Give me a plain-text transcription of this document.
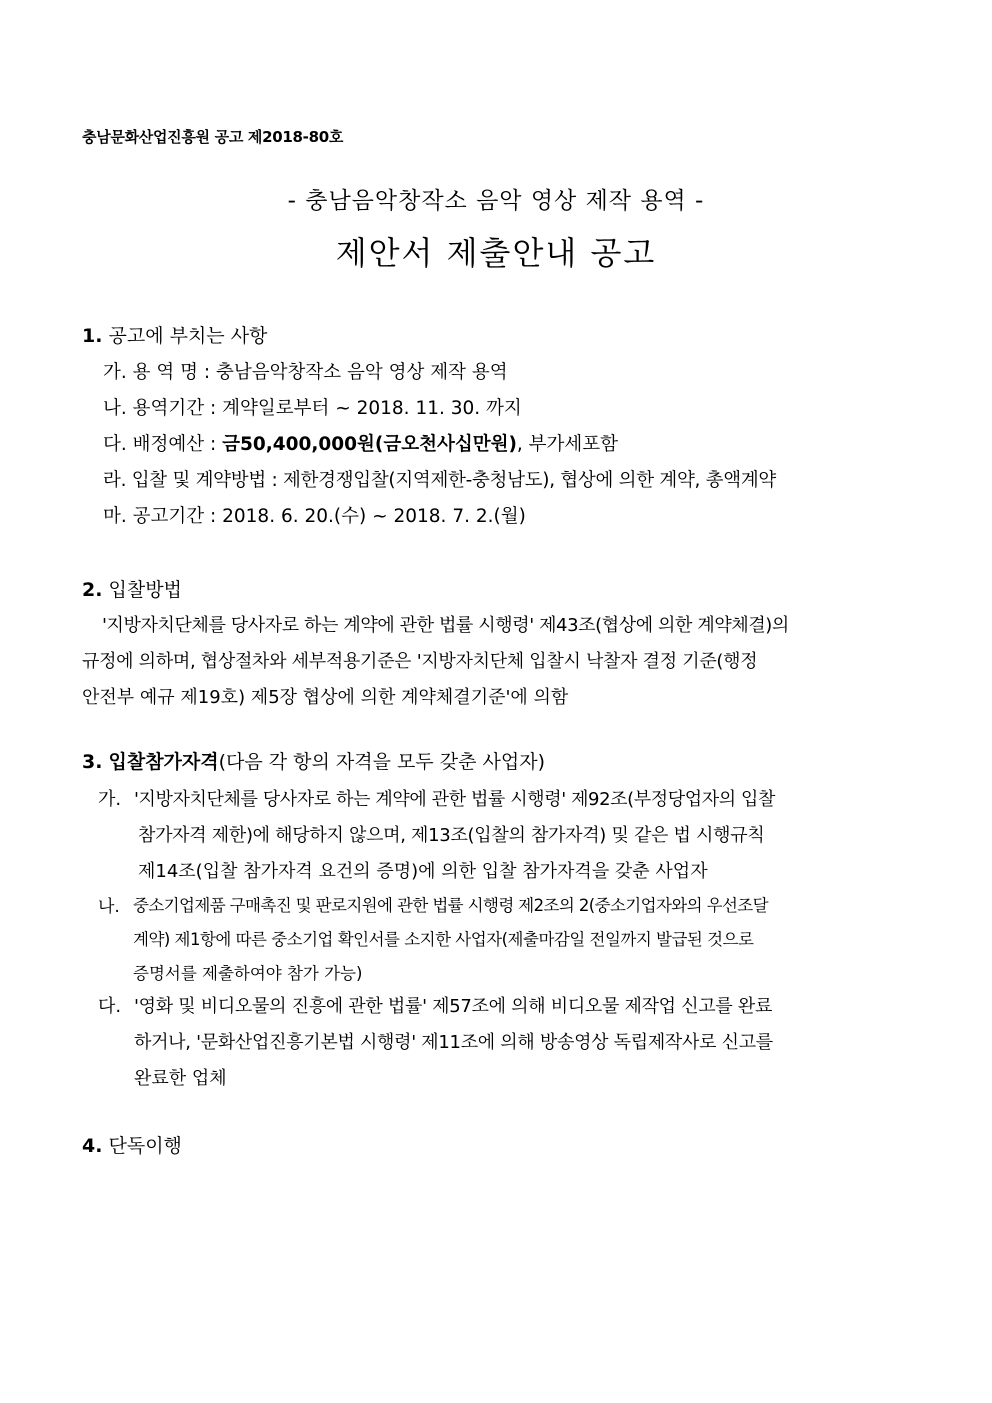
충남문화산업진흥원 공고 제2018-80호
- 충남음악창작소 음악 영상 제작 용역 -
제안서 제출안내 공고
1. 공고에 부치는 사항
가. 용 역 명 : 충남음악창작소 음악 영상 제작 용역
나. 용역기간 : 계약일로부터 ~ 2018. 11. 30. 까지
다. 배정예산 : 금50,400,000원(금오천사십만원), 부가세포함
라. 입찰 및 계약방법 : 제한경쟁입찰(지역제한-충청남도), 협상에 의한 계약, 총액계약
마. 공고기간 : 2018. 6. 20.(수) ~ 2018. 7. 2.(월)
2. 입찰방법
'지방자치단체를 당사자로 하는 계약에 관한 법률 시행령' 제43조(협상에 의한 계약체결)의
규정에 의하며, 협상절차와 세부적용기준은 '지방자치단체 입찰시 낙찰자 결정 기준(행정
안전부 예규 제19호) 제5장 협상에 의한 계약체결기준'에 의함
3. 입찰참가자격(다음 각 항의 자격을 모두 갖춘 사업자)
가. '지방자치단체를 당사자로 하는 계약에 관한 법률 시행령' 제92조(부정당업자의 입찰
참가자격 제한)에 해당하지 않으며, 제13조(입찰의 참가자격) 및 같은 법 시행규칙
제14조(입찰 참가자격 요건의 증명)에 의한 입찰 참가자격을 갖춘 사업자
나. 중소기업제품 구매촉진 및 판로지원에 관한 법률 시행령 제2조의 2(중소기업자와의 우선조달
계약) 제1항에 따른 중소기업 확인서를 소지한 사업자(제출마감일 전일까지 발급된 것으로
증명서를 제출하여야 참가 가능)
다. '영화 및 비디오물의 진흥에 관한 법률' 제57조에 의해 비디오물 제작업 신고를 완료
하거나, '문화산업진흥기본법 시행령' 제11조에 의해 방송영상 독립제작사로 신고를
완료한 업체
4. 단독이행
